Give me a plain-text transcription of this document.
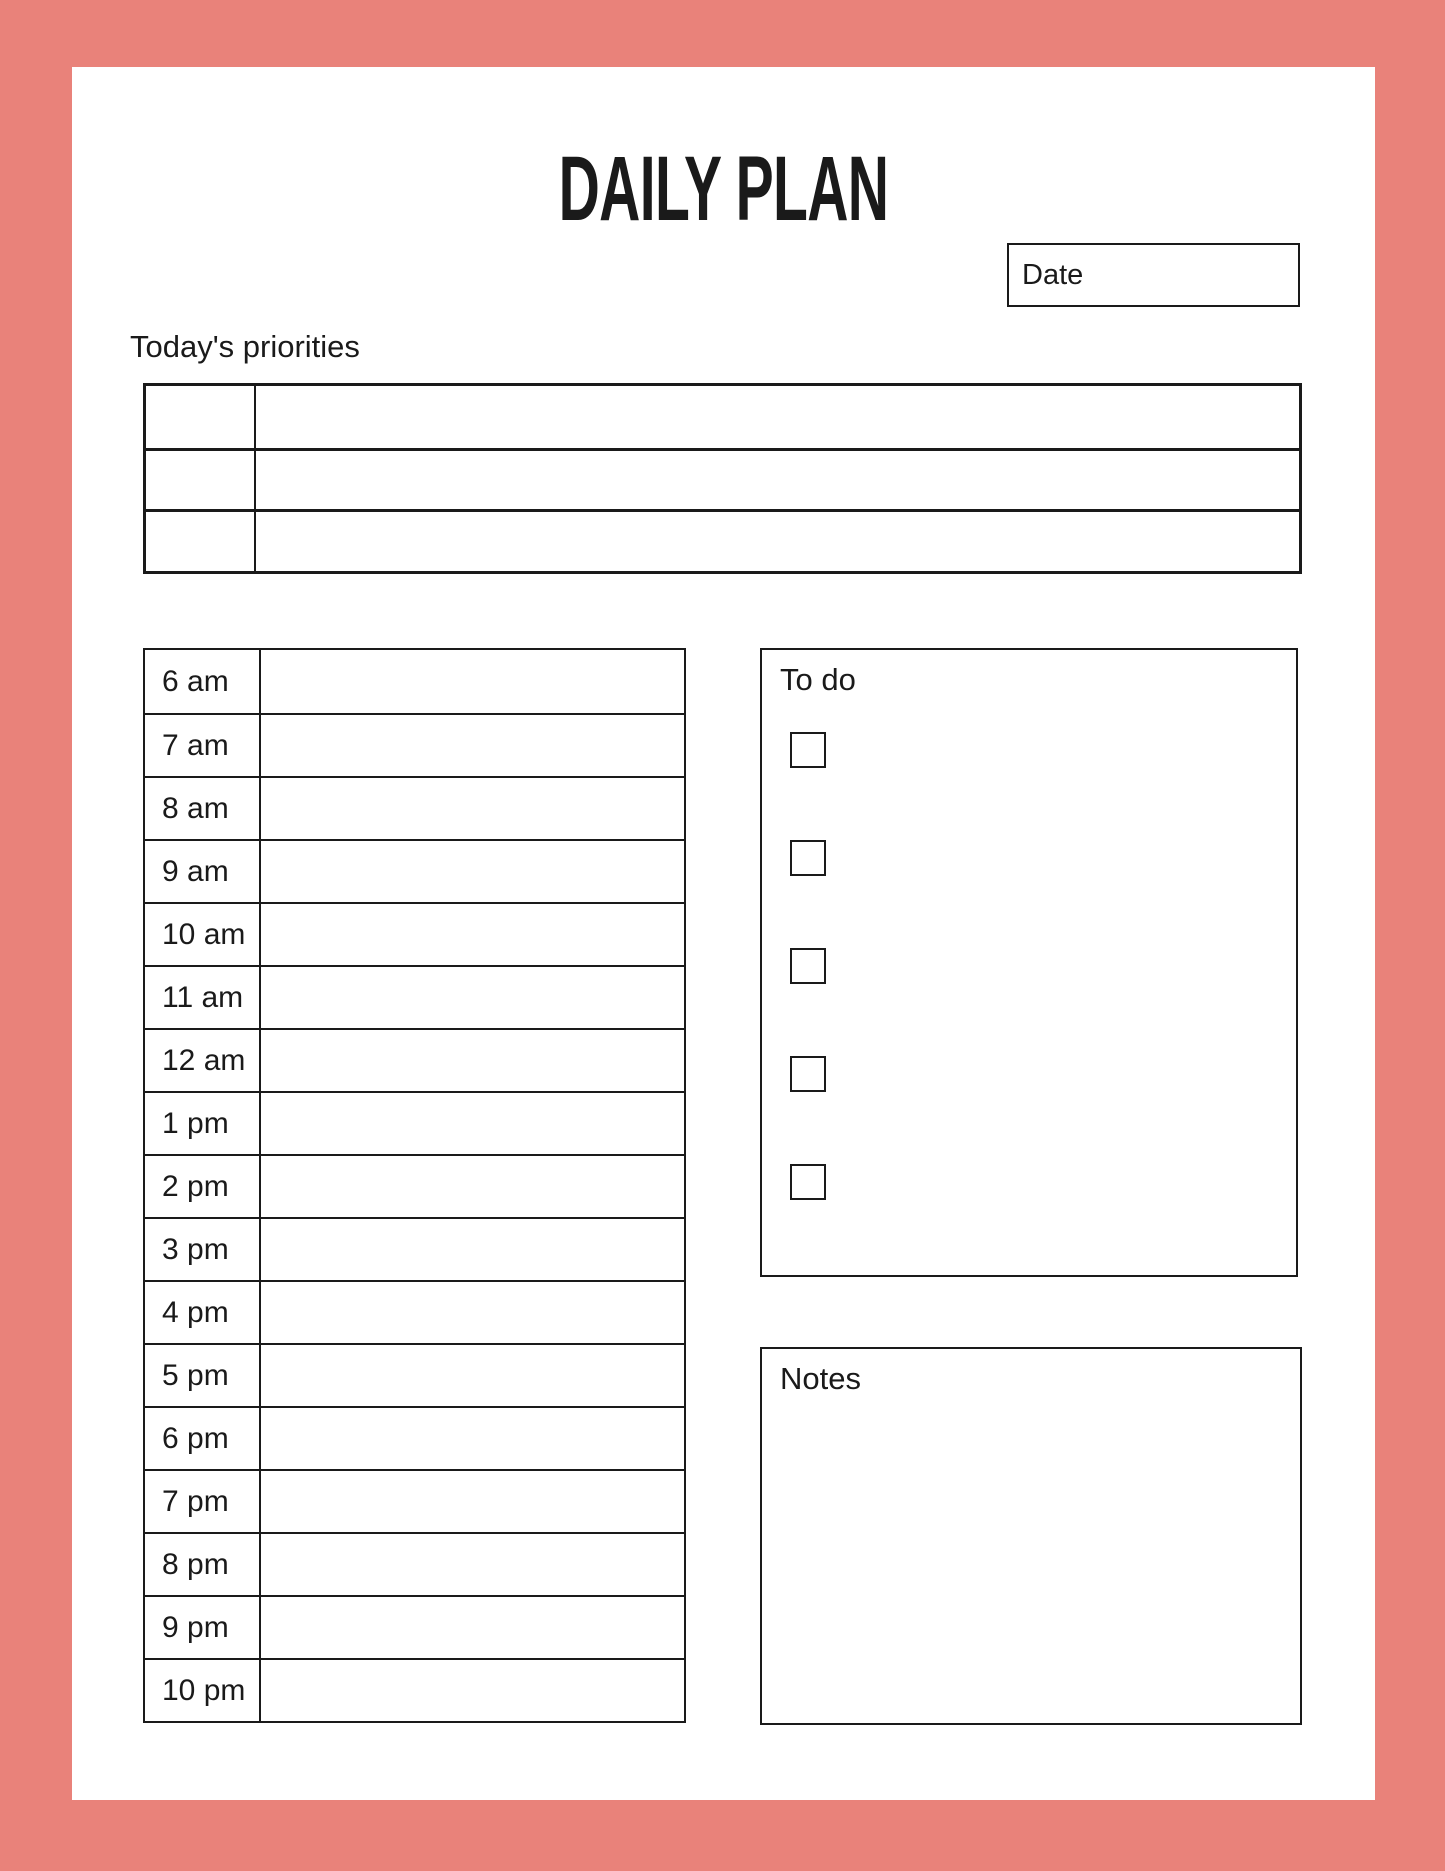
DAILY PLAN
Date
Today's priorities
6 am
7 am
8 am
9 am
10 am
11 am
12 am
1 pm
2 pm
3 pm
4 pm
5 pm
6 pm
7 pm
8 pm
9 pm
10 pm
To do
Notes
